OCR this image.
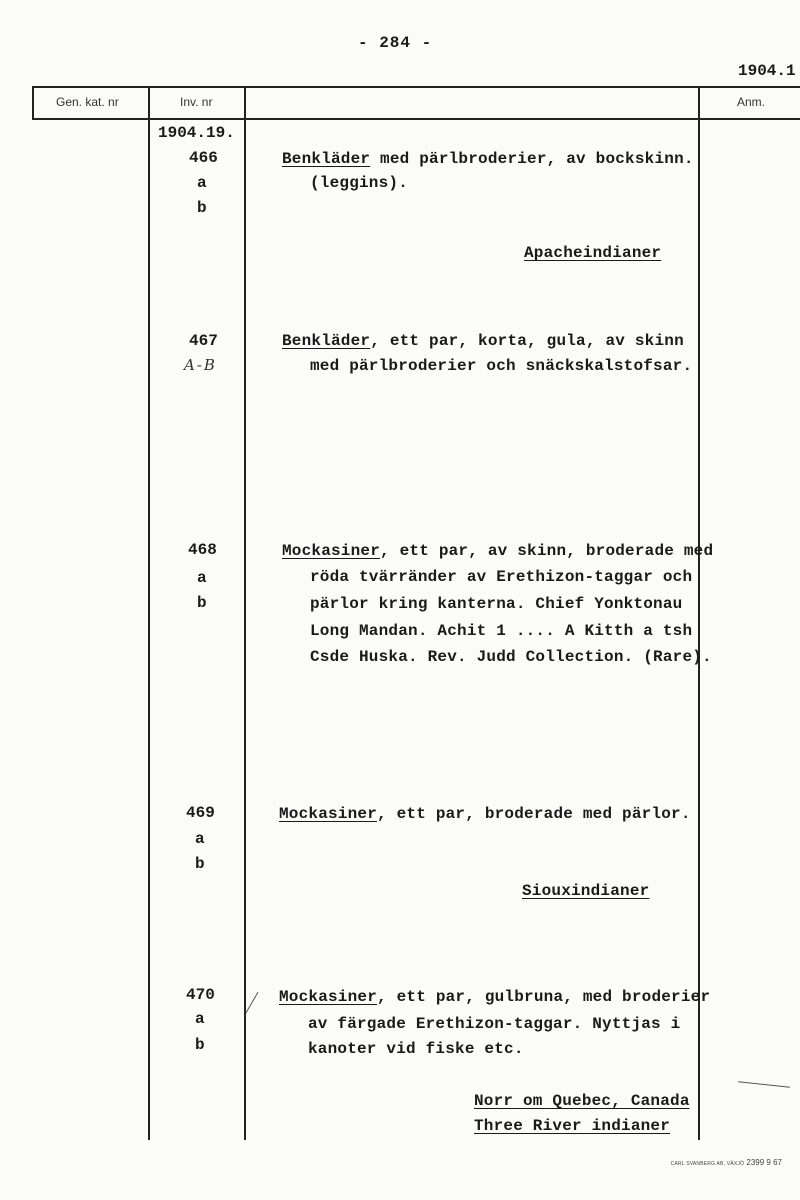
- 284 -
1904.1
Gen. kat. nr	Inv. nr	Anm.
1904.19.
466
a
b
Benkläder med pärlbroderier, av bockskinn.
(leggins).
Apacheindianer
467
A-B
Benkläder, ett par, korta, gula, av skinn
med pärlbroderier och snäckskalstofsar.
468
a
b
Mockasiner, ett par, av skinn, broderade med
röda tvärränder av Erethizon-taggar och
pärlor kring kanterna. Chief Yonktonau
Long Mandan. Achit 1 .... A Kitth a tsh
Csde Huska. Rev. Judd Collection. (Rare).
469
a
b
Mockasiner, ett par, broderade med pärlor.
Siouxindianer
470
a
b
Mockasiner, ett par, gulbruna, med broderier
av färgade Erethizon-taggar. Nyttjas i
kanoter vid fiske etc.
Norr om Quebec, Canada
Three River indianer
CARL SVANBERG AB, VÄXJÖ 2399 9 67
